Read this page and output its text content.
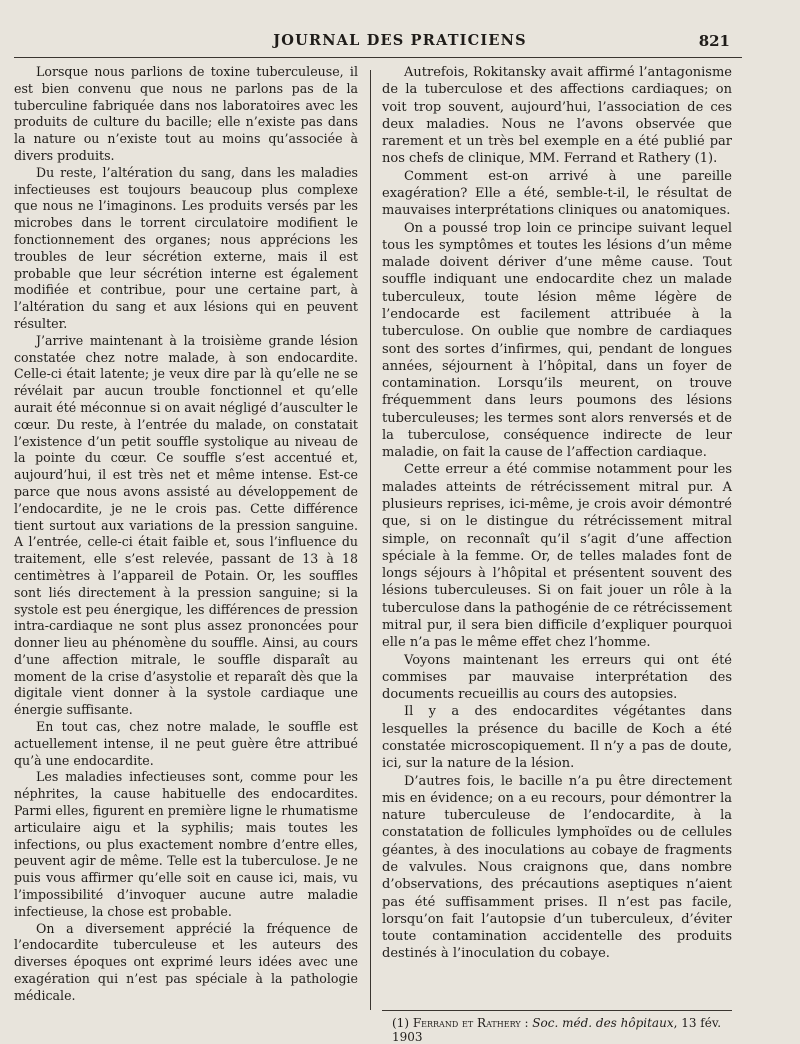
JOURNAL DES PRATICIENS	821

Lorsque nous parlions de toxine tuberculeuse, il est bien convenu que nous ne parlons pas de la tuberculine fabriquée dans nos laboratoires avec les produits de culture du bacille; elle n’existe pas dans la nature ou n’existe tout au moins qu’associée à divers produits.

Du reste, l’altération du sang, dans les maladies infectieuses est toujours beaucoup plus complexe que nous ne l’imaginons. Les produits versés par les microbes dans le torrent circulatoire modifient le fonctionnement des organes; nous apprécions les troubles de leur sécrétion externe, mais il est probable que leur sécrétion interne est également modifiée et contribue, pour une certaine part, à l’altération du sang et aux lésions qui en peuvent résulter.

J’arrive maintenant à la troisième grande lésion constatée chez notre malade, à son endocardite. Celle-ci était latente; je veux dire par là qu’elle ne se révélait par aucun trouble fonctionnel et qu’elle aurait été méconnue si on avait négligé d’ausculter le cœur. Du reste, à l’entrée du malade, on constatait l’existence d’un petit souffle systolique au niveau de la pointe du cœur. Ce souffle s’est accentué et, aujourd’hui, il est très net et même intense. Est-ce parce que nous avons assisté au développement de l’endocardite, je ne le crois pas. Cette différence tient surtout aux variations de la pression sanguine. A l’entrée, celle-ci était faible et, sous l’influence du traitement, elle s’est relevée, passant de 13 à 18 centimètres à l’appareil de Potain. Or, les souffles sont liés directement à la pression sanguine; si la systole est peu énergique, les différences de pression intra-cardiaque ne sont plus assez prononcées pour donner lieu au phénomène du souffle. Ainsi, au cours d’une affection mitrale, le souffle disparaît au moment de la crise d’asystolie et reparaît dès que la digitale vient donner à la systole cardiaque une énergie suffisante.

En tout cas, chez notre malade, le souffle est actuellement intense, il ne peut guère être attribué qu’à une endocardite.

Les maladies infectieuses sont, comme pour les néphrites, la cause habituelle des endocardites. Parmi elles, figurent en première ligne le rhumatisme articulaire aigu et la syphilis; mais toutes les infections, ou plus exactement nombre d’entre elles, peuvent agir de même. Telle est la tuberculose. Je ne puis vous affirmer qu’elle soit en cause ici, mais, vu l’impossibilité d’invoquer aucune autre maladie infectieuse, la chose est probable.

On a diversement apprécié la fréquence de l’endocardite tuberculeuse et les auteurs des diverses époques ont exprimé leurs idées avec une exagération qui n’est pas spéciale à la pathologie médicale.

Autrefois, Rokitansky avait affirmé l’antagonisme de la tuberculose et des affections cardiaques; on voit trop souvent, aujourd’hui, l’association de ces deux maladies. Nous ne l’avons observée que rarement et un très bel exemple en a été publié par nos chefs de clinique, MM. Ferrand et Rathery (1).

Comment est-on arrivé à une pareille exagération? Elle a été, semble-t-il, le résultat de mauvaises interprétations cliniques ou anatomiques.

On a poussé trop loin ce principe suivant lequel tous les symptômes et toutes les lésions d’un même malade doivent dériver d’une même cause. Tout souffle indiquant une endocardite chez un malade tuberculeux, toute lésion même légère de l’endocarde est facilement attribuée à la tuberculose. On oublie que nombre de cardiaques sont des sortes d’infirmes, qui, pendant de longues années, séjournent à l’hôpital, dans un foyer de contamination. Lorsqu’ils meurent, on trouve fréquemment dans leurs poumons des lésions tuberculeuses; les termes sont alors renversés et de la tuberculose, conséquence indirecte de leur maladie, on fait la cause de l’affection cardiaque.

Cette erreur a été commise notamment pour les malades atteints de rétrécissement mitral pur. A plusieurs reprises, ici-même, je crois avoir démontré que, si on le distingue du rétrécissement mitral simple, on reconnaît qu’il s’agit d’une affection spéciale à la femme. Or, de telles malades font de longs séjours à l’hôpital et présentent souvent des lésions tuberculeuses. Si on fait jouer un rôle à la tuberculose dans la pathogénie de ce rétrécissement mitral pur, il sera bien difficile d’expliquer pourquoi elle n’a pas le même effet chez l’homme.

Voyons maintenant les erreurs qui ont été commises par mauvaise interprétation des documents recueillis au cours des autopsies.

Il y a des endocardites végétantes dans lesquelles la présence du bacille de Koch a été constatée microscopiquement. Il n’y a pas de doute, ici, sur la nature de la lésion.

D’autres fois, le bacille n’a pu être directement mis en évidence; on a eu recours, pour démontrer la nature tuberculeuse de l’endocardite, à la constatation de follicules lymphoïdes ou de cellules géantes, à des inoculations au cobaye de fragments de valvules. Nous craignons que, dans nombre d’observations, des précautions aseptiques n’aient pas été suffisamment prises. Il n’est pas facile, lorsqu’on fait l’autopsie d’un tuberculeux, d’éviter toute contamination accidentelle des produits destinés à l’inoculation du cobaye.

(1) Ferrand et Rathery : Soc. méd. des hôpitaux, 13 fév. 1903
